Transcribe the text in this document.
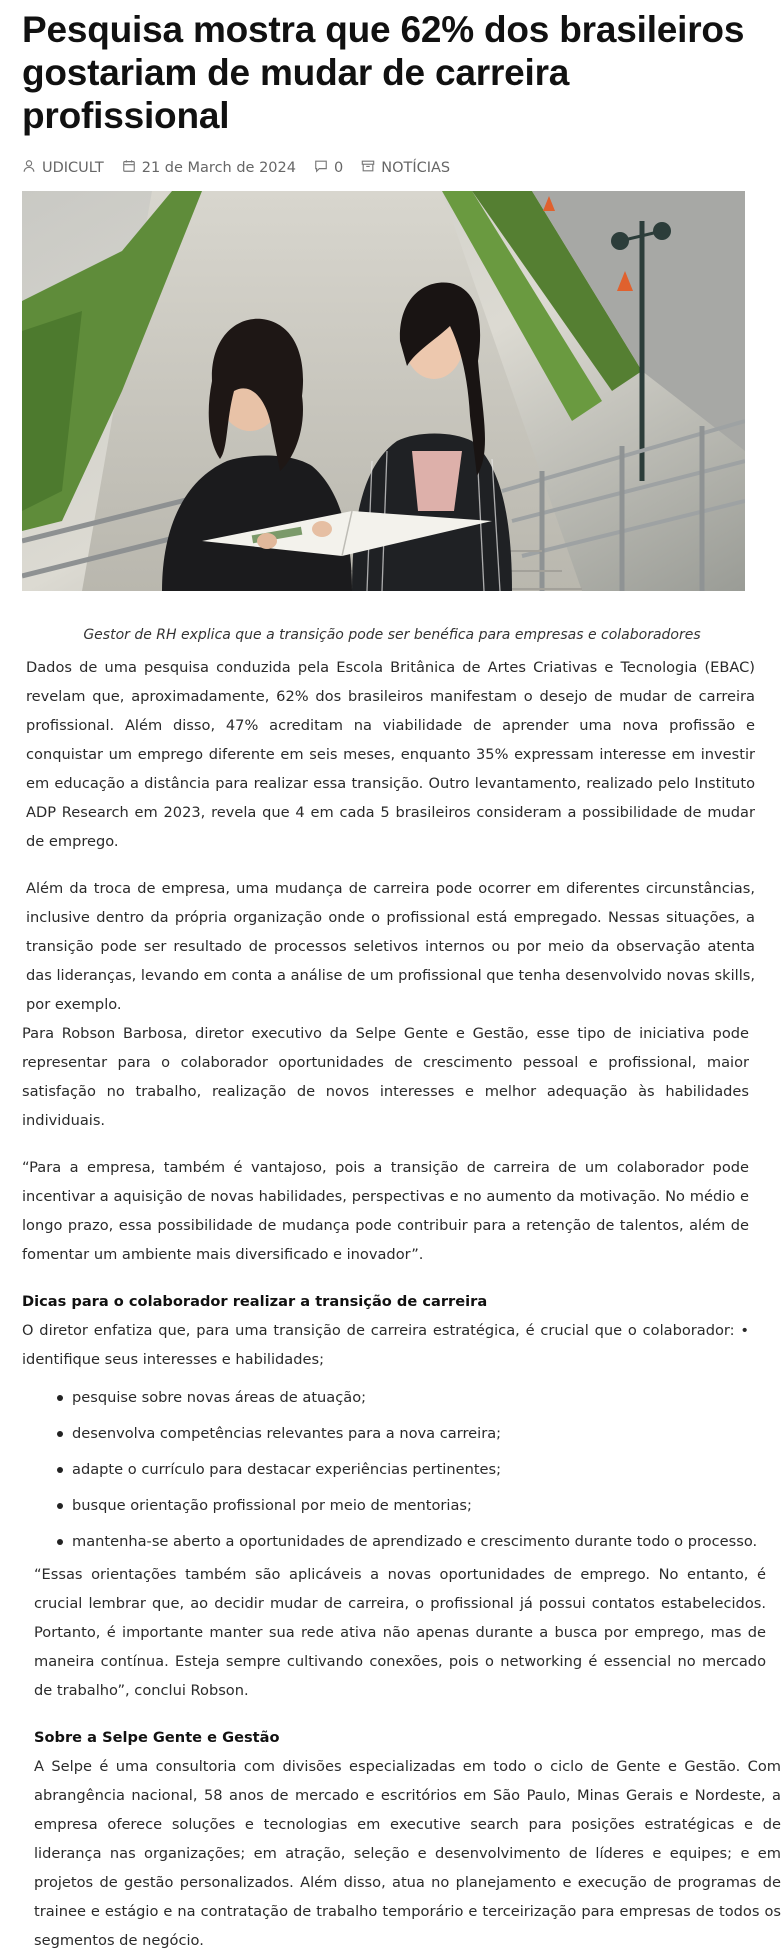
Pesquisa mostra que 62% dos brasileiros gostariam de mudar de carreira profissional
UDICULT	21 de March de 2024	0	NOTÍCIAS
Gestor de RH explica que a transição pode ser benéfica para empresas e colaboradores

Dados de uma pesquisa conduzida pela Escola Britânica de Artes Criativas e Tecnologia (EBAC) revelam que, aproximadamente, 62% dos brasileiros manifestam o desejo de mudar de carreira profissional. Além disso, 47% acreditam na viabilidade de aprender uma nova profissão e conquistar um emprego diferente em seis meses, enquanto 35% expressam interesse em investir em educação a distância para realizar essa transição. Outro levantamento, realizado pelo Instituto ADP Research em 2023, revela que 4 em cada 5 brasileiros consideram a possibilidade de mudar de emprego.

Além da troca de empresa, uma mudança de carreira pode ocorrer em diferentes circunstâncias, inclusive dentro da própria organização onde o profissional está empregado. Nessas situações, a transição pode ser resultado de processos seletivos internos ou por meio da observação atenta das lideranças, levando em conta a análise de um profissional que tenha desenvolvido novas skills, por exemplo.

Para Robson Barbosa, diretor executivo da Selpe Gente e Gestão, esse tipo de iniciativa pode representar para o colaborador oportunidades de crescimento pessoal e profissional, maior satisfação no trabalho, realização de novos interesses e melhor adequação às habilidades individuais.

“Para a empresa, também é vantajoso, pois a transição de carreira de um colaborador pode incentivar a aquisição de novas habilidades, perspectivas e no aumento da motivação. No médio e longo prazo, essa possibilidade de mudança pode contribuir para a retenção de talentos, além de fomentar um ambiente mais diversificado e inovador”.

Dicas para o colaborador realizar a transição de carreira

O diretor enfatiza que, para uma transição de carreira estratégica, é crucial que o colaborador: • identifique seus interesses e habilidades;

pesquise sobre novas áreas de atuação;
desenvolva competências relevantes para a nova carreira;
adapte o currículo para destacar experiências pertinentes;
busque orientação profissional por meio de mentorias;
mantenha-se aberto a oportunidades de aprendizado e crescimento durante todo o processo.

“Essas orientações também são aplicáveis a novas oportunidades de emprego. No entanto, é crucial lembrar que, ao decidir mudar de carreira, o profissional já possui contatos estabelecidos. Portanto, é importante manter sua rede ativa não apenas durante a busca por emprego, mas de maneira contínua. Esteja sempre cultivando conexões, pois o networking é essencial no mercado de trabalho”, conclui Robson.

Sobre a Selpe Gente e Gestão

A Selpe é uma consultoria com divisões especializadas em todo o ciclo de Gente e Gestão. Com abrangência nacional, 58 anos de mercado e escritórios em São Paulo, Minas Gerais e Nordeste, a empresa oferece soluções e tecnologias em executive search para posições estratégicas e de liderança nas organizações; em atração, seleção e desenvolvimento de líderes e equipes; e em projetos de gestão personalizados. Além disso, atua no planejamento e execução de programas de trainee e estágio e na contratação de trabalho temporário e terceirização para empresas de todos os segmentos de negócio.
